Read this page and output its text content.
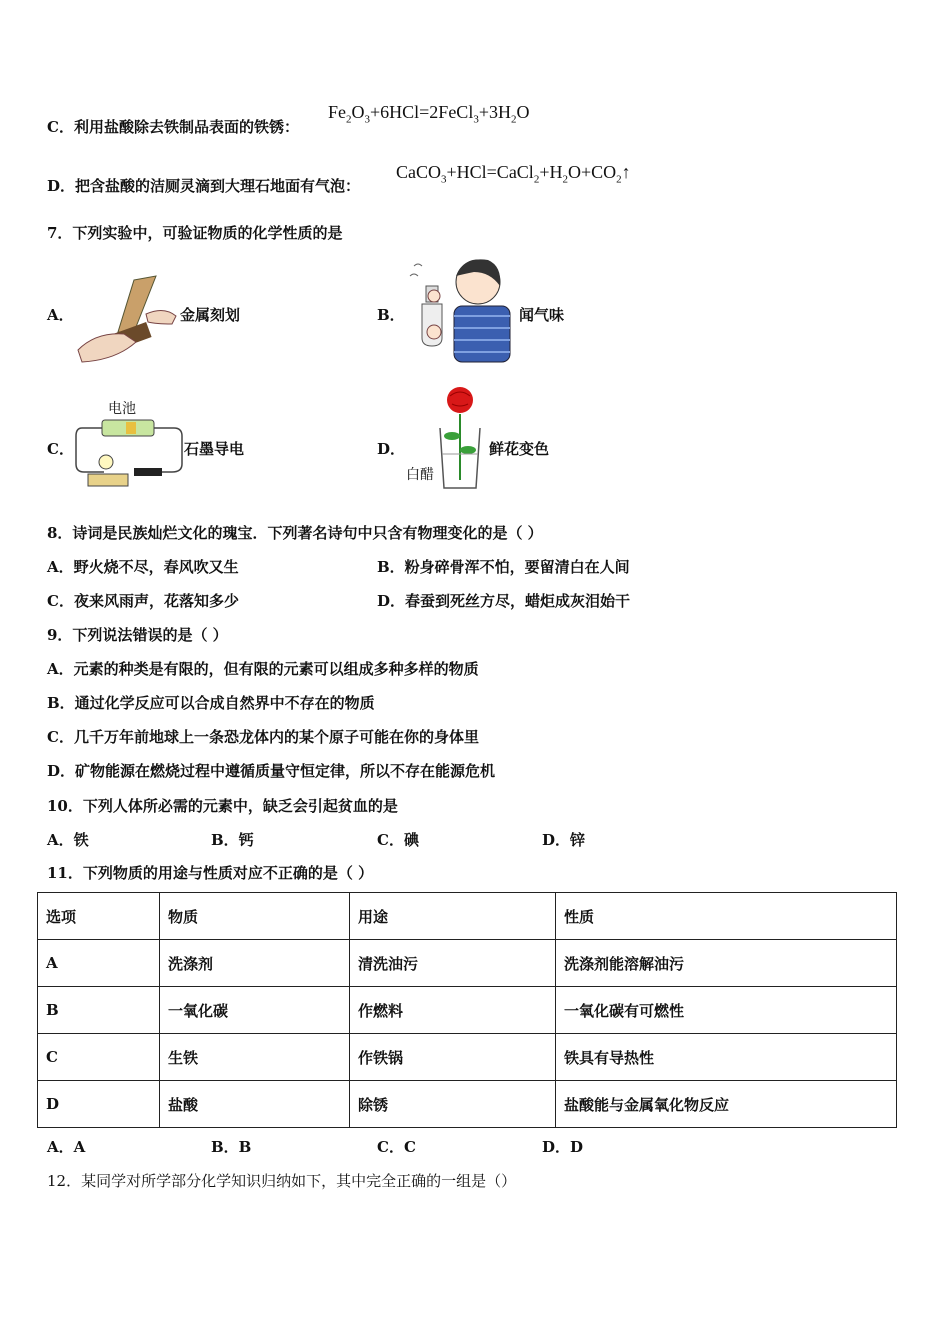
C．利用盐酸除去铁制品表面的铁锈：
$Fe_2O_3+6HCl=2FeCl_3+3H_2O$
D．把含盐酸的洁厕灵滴到大理石地面有气泡：
$CaCO_3+HCl=CaCl_2+H_2O+CO_2↑$
7．下列实验中，可验证物质的化学性质的是
A．	金属刻划	B．	闻气味
C．
电池
石墨导电	D．
白醋
鲜花变色
8．诗词是民族灿烂文化的瑰宝．下列著名诗句中只含有物理变化的是（ ）
A．野火烧不尽，春风吹又生	B．粉身碎骨浑不怕，要留清白在人间
C．夜来风雨声，花落知多少	D．春蚕到死丝方尽，蜡炬成灰泪始干
9．下列说法错误的是（ ）
A．元素的种类是有限的，但有限的元素可以组成多种多样的物质
B．通过化学反应可以合成自然界中不存在的物质
C．几千万年前地球上一条恐龙体内的某个原子可能在你的身体里
D．矿物能源在燃烧过程中遵循质量守恒定律，所以不存在能源危机
10．下列人体所必需的元素中，缺乏会引起贫血的是
A．铁	B．钙	C．碘	D．锌
11．下列物质的用途与性质对应不正确的是（ ）
选项	物质	用途	性质
A	洗涤剂	清洗油污	洗涤剂能溶解油污
B	一氧化碳	作燃料	一氧化碳有可燃性
C	生铁	作铁锅	铁具有导热性
D	盐酸	除锈	盐酸能与金属氧化物反应
A．A	B．B	C．C	D．D
12．某同学对所学部分化学知识归纳如下，其中完全正确的一组是（）
